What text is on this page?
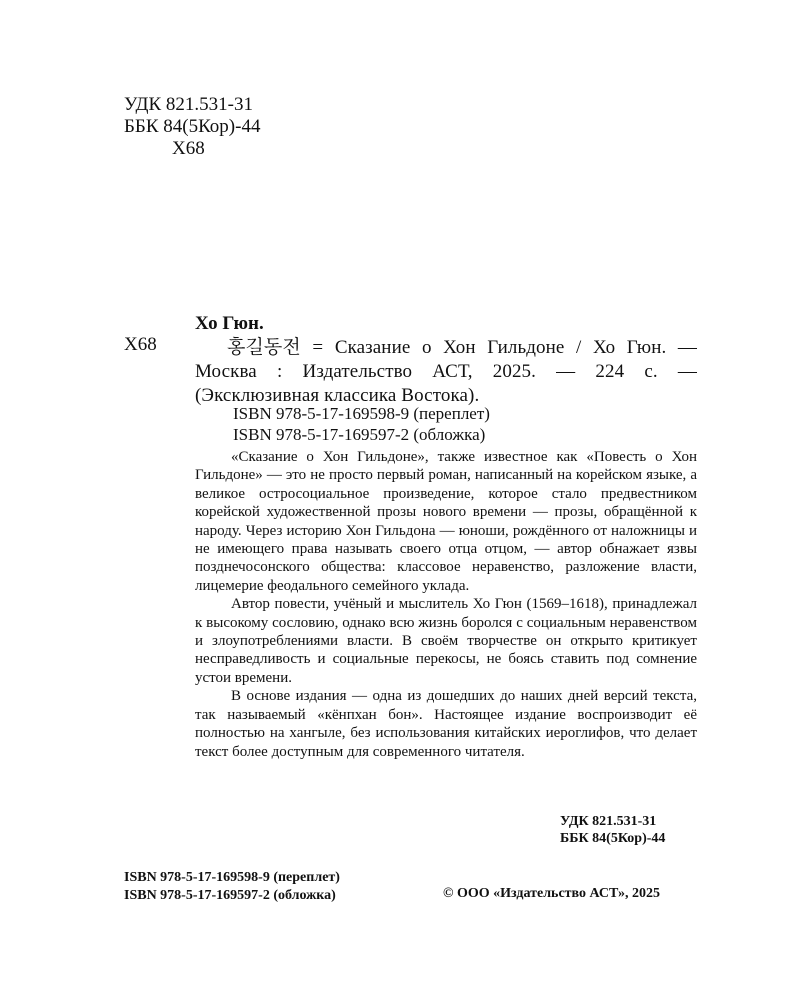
УДК 821.531-31
ББК 84(5Кор)-44
Х68
Х68
Хо Гюн.
홍길동전 = Сказание о Хон Гильдоне / Хо Гюн. — Москва : Издательство АСТ, 2025. — 224 с. — (Эксклюзивная классика Востока).
ISBN 978-5-17-169598-9 (переплет)
ISBN 978-5-17-169597-2 (обложка)

«Сказание о Хон Гильдоне», также известное как «Повесть о Хон Гильдоне» — это не просто первый роман, написанный на корейском языке, а великое остросоциальное произведение, которое стало предвестником корейской художественной прозы нового времени — прозы, обращённой к народу. Через историю Хон Гильдона — юноши, рождённого от наложницы и не имеющего права называть своего отца отцом, — автор обнажает язвы позднечосонского общества: классовое неравенство, разложение власти, лицемерие феодального семейного уклада.

Автор повести, учёный и мыслитель Хо Гюн (1569–1618), принадлежал к высокому сословию, однако всю жизнь боролся с социальным неравенством и злоупотреблениями власти. В своём творчестве он открыто критикует несправедливость и социальные перекосы, не боясь ставить под сомнение устои времени.

В основе издания — одна из дошедших до наших дней версий текста, так называемый «кёнпхан бон». Настоящее издание воспроизводит её полностью на хангыле, без использования китайских иероглифов, что делает текст более доступным для современного читателя.

УДК 821.531-31
ББК 84(5Кор)-44
ISBN 978-5-17-169598-9 (переплет)
ISBN 978-5-17-169597-2 (обложка)	© ООО «Издательство АСТ», 2025
